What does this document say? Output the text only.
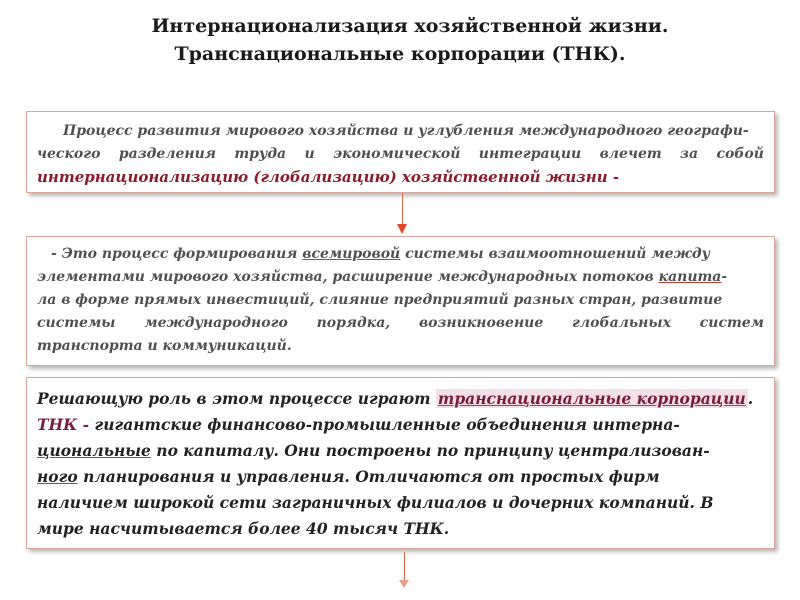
Интернационализация хозяйственной жизни.
Транснациональные корпорации (ТНК).
Процесс развития мирового хозяйства и углубления международного географи-
ческого разделения труда и экономической интеграции влечет за собой
интернационализацию (глобализацию) хозяйственной жизни -
- Это процесс формирования всемировой системы взаимоотношений между
элементами мирового хозяйства, расширение международных потоков капита-
ла в форме прямых инвестиций, слияние предприятий разных стран, развитие
системы международного порядка, возникновение глобальных систем
транспорта и коммуникаций.
Решающую роль в этом процессе играют транснациональные корпорации .
ТНК - гигантские финансово-промышленные объединения интерна-
циональные по капиталу. Они построены по принципу централизован-
ного планирования и управления. Отличаются от простых фирм
наличием широкой сети заграничных филиалов и дочерних компаний. В
мире насчитывается более 40 тысяч ТНК.
